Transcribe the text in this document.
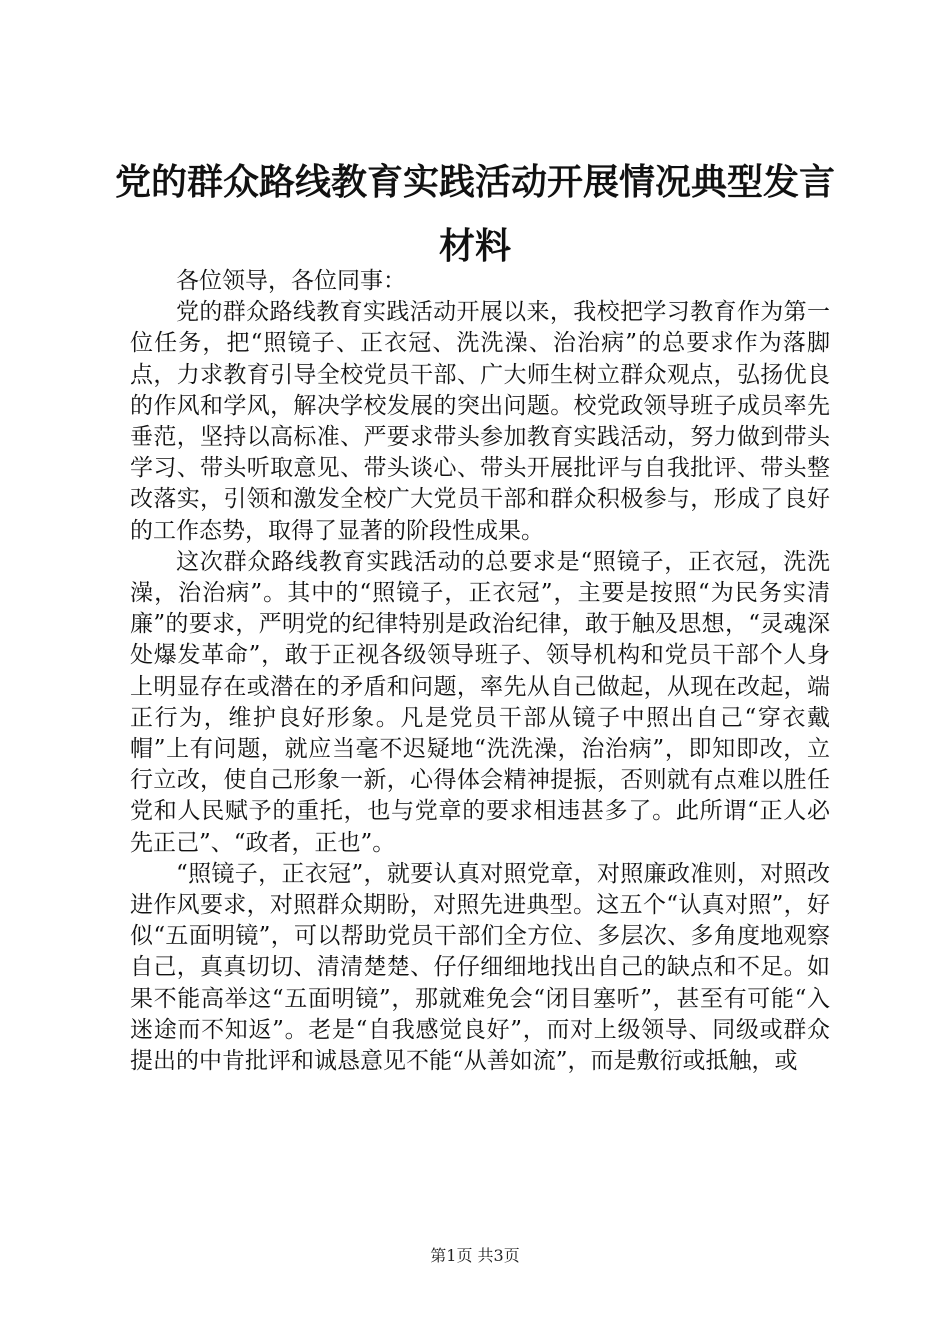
党的群众路线教育实践活动开展情况典型发言
材料

各位领导，各位同事：

党的群众路线教育实践活动开展以来，我校把学习教育作为第一位任务，把“照镜子、正衣冠、洗洗澡、治治病”的总要求作为落脚点，力求教育引导全校党员干部、广大师生树立群众观点，弘扬优良的作风和学风，解决学校发展的突出问题。校党政领导班子成员率先垂范，坚持以高标准、严要求带头参加教育实践活动，努力做到带头学习、带头听取意见、带头谈心、带头开展批评与自我批评、带头整改落实，引领和激发全校广大党员干部和群众积极参与，形成了良好的工作态势，取得了显著的阶段性成果。

这次群众路线教育实践活动的总要求是“照镜子，正衣冠，洗洗澡，治治病”。其中的“照镜子，正衣冠”，主要是按照“为民务实清廉”的要求，严明党的纪律特别是政治纪律，敢于触及思想，“灵魂深处爆发革命”，敢于正视各级领导班子、领导机构和党员干部个人身上明显存在或潜在的矛盾和问题，率先从自己做起，从现在改起，端正行为，维护良好形象。凡是党员干部从镜子中照出自己“穿衣戴帽”上有问题，就应当毫不迟疑地“洗洗澡，治治病”，即知即改，立行立改，使自己形象一新，心得体会精神提振，否则就有点难以胜任党和人民赋予的重托，也与党章的要求相违甚多了。此所谓“正人必先正己”、“政者，正也”。

“照镜子，正衣冠”，就要认真对照党章，对照廉政准则，对照改进作风要求，对照群众期盼，对照先进典型。这五个“认真对照”，好似“五面明镜”，可以帮助党员干部们全方位、多层次、多角度地观察自己，真真切切、清清楚楚、仔仔细细地找出自己的缺点和不足。如果不能高举这“五面明镜”，那就难免会“闭目塞听”，甚至有可能“入迷途而不知返”。老是“自我感觉良好”，而对上级领导、同级或群众提出的中肯批评和诚恳意见不能“从善如流”，而是敷衍或抵触，或

第1页 共3页
